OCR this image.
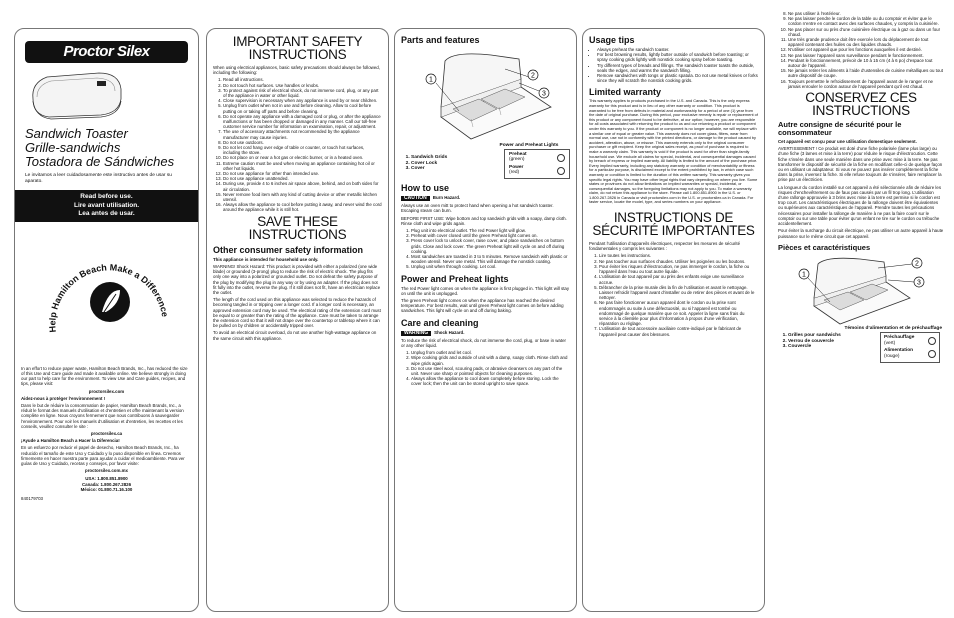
Proctor Silex
Sandwich Toaster
Grille-sandwichs
Tostadora de Sándwiches
Le invitamos a leer cuidadosamente este instructivo antes de usar su aparato.
Read before use.
Lire avant utilisation.
Lea antes de usar.
Help Hamilton Beach Make a Difference

In an effort to reduce paper waste, Hamilton Beach Brands, Inc., has reduced the size of this Use and Care guide and made it available online. We believe strongly in doing our part to help care for the environment. To view Use and Care guides, recipes, and tips, please visit:

proctorsilex.com

Aidez-nous à protéger l’environnement !

Dans le but de réduire la consommation de papier, Hamilton Beach Brands, Inc., a réduit le format des manuels d’utilisation et d’entretien et offre maintenant la version complète en ligne. Nous croyons fermement que nous contribuons à sauvegarder l’environnement. Pour voir les manuels d’utilisation et d’entretien, les recettes et les conseils, veuillez consulter le site :

proctorsilex.ca

¡Ayude a Hamilton Beach a Hacer la Diferencia!

En un esfuerzo por reducir el papel de desecho, Hamilton Beach Brands, Inc., ha reducido el tamaño de este Uso y Cuidado y lo puso disponible en línea. Creemos firmemente en hacer nuestra parte para ayudar a cuidar el medioambiente. Para ver guías de Uso y Cuidado, recetas y consejos, por favor visite:

proctorsilex.com.mx

USA: 1.800.851.8900
Canada: 1.800.267.2826
México: 01.800.71.16.100
840179703
IMPORTANT SAFETY INSTRUCTIONS

When using electrical appliances, basic safety precautions should always be followed, including the following:

1. Read all instructions.
2. Do not touch hot surfaces. Use handles or knobs.
3. To protect against risk of electrical shock, do not immerse cord, plug, or any part of the appliance in water or other liquid.
4. Close supervision is necessary when any appliance is used by or near children.
5. Unplug from outlet when not in use and before cleaning. Allow to cool before putting on or taking off parts and before cleaning.
6. Do not operate any appliance with a damaged cord or plug, or after the appliance malfunctions or has been dropped or damaged in any manner. Call our toll-free customer service number for information on examination, repair, or adjustment.
7. The use of accessory attachments not recommended by the appliance manufacturer may cause injuries.
8. Do not use outdoors.
9. Do not let cord hang over edge of table or counter, or touch hot surfaces, including the stove.
10. Do not place on or near a hot gas or electric burner, or in a heated oven.
11. Extreme caution must be used when moving an appliance containing hot oil or other hot liquids.
12. Do not use appliance for other than intended use.
13. Do not use appliance unattended.
14. During use, provide 4 to 6 inches air space above, behind, and on both sides for air circulation.
15. Never remove food item with any kind of cutting device or other metallic kitchen utensil.
16. Always allow the appliance to cool before putting it away, and never wind the cord around the appliance while it is still hot.
SAVE THESE INSTRUCTIONS
Other consumer safety information

This appliance is intended for household use only.

WARNING! Shock Hazard: This product is provided with either a polarized (one wide blade) or grounded (3-prong) plug to reduce the risk of electric shock. The plug fits only one way into a polarized or grounded outlet. Do not defeat the safety purpose of the plug by modifying the plug in any way or by using an adapter. If the plug does not fit fully into the outlet, reverse the plug. If it still does not fit, have an electrician replace the outlet.

The length of the cord used on this appliance was selected to reduce the hazards of becoming tangled in or tripping over a longer cord. If a longer cord is necessary, an approved extension cord may be used. The electrical rating of the extension cord must be equal to or greater than the rating of the appliance. Care must be taken to arrange the extension cord so that it will not drape over the countertop or tabletop where it can be pulled on by children or accidentally tripped over.

To avoid an electrical circuit overload, do not use another high-wattage appliance on the same circuit with this appliance.

Parts and features
1
2
3
1. Sandwich Grids
2. Cover Lock
3. Cover
Power and Preheat Lights
Preheat
(green)
Power
(red)
How to use

CAUTION Burn Hazard.

Always use an oven mitt to protect hand when opening a hot sandwich toaster. Escaping steam can burn.

BEFORE FIRST USE: Wipe bottom and top sandwich grids with a soapy, damp cloth. Rinse cloth and wipe grids again.

1. Plug unit into electrical outlet. The red Power light will glow.
2. Preheat with cover closed until the green Preheat light comes on.
3. Press cover lock to unlock cover, raise cover, and place sandwiches on bottom grids. Close and lock cover. The green Preheat light will cycle on and off during cooking.
4. Most sandwiches are toasted in 3 to 5 minutes. Remove sandwich with plastic or wooden utensil. Never use metal. This will damage the nonstick coating.
5. Unplug unit when through cooking. Let cool.
Power and Preheat lights

The red Power light comes on when the appliance is first plugged in. This light will stay on until the unit is unplugged.

The green Preheat light comes on when the appliance has reached the desired temperature. For best results, wait until green Preheat light comes on before adding sandwiches. This light will cycle on and off during baking.

Care and cleaning

WARNING Shock Hazard.

To reduce the risk of electrical shock, do not immerse the cord, plug, or base in water or any other liquid.

1. Unplug from outlet and let cool.
2. Wipe cooking grids and outside of unit with a damp, soapy cloth. Rinse cloth and wipe grids again.
3. Do not use steel wool, scouring pads, or abrasive cleansers on any part of the unit. Never use sharp or pointed objects for cleaning purposes.
4. Always allow the appliance to cool down completely before storing. Lock the cover lock; then the unit can be stored upright to save space.
Usage tips
• Always preheat the sandwich toaster.
• For best browning results, lightly butter outside of sandwich before toasting; or spray cooking grids lightly with nonstick cooking spray before toasting.
• Try different types of breads and fillings. The sandwich toaster toasts the outside, seals the edges, and warms the sandwich filling.
• Remove sandwiches with tongs or plastic spatula. Do not use metal knives or forks since they will scratch the nonstick cooking grids.
Limited warranty
This warranty applies to products purchased in the U.S. and Canada. This is the only express warranty for this product and is in lieu of any other warranty or condition. This product is warranted to be free from defects in material and workmanship for a period of one (1) year from the date of original purchase. During this period, your exclusive remedy is repair or replacement of this product or any component found to be defective, at our option; however, you are responsible for all costs associated with returning the product to us and our returning a product or component under this warranty to you. If the product or component is no longer available, we will replace with a similar one of equal or greater value. This warranty does not cover glass, filters, wear from normal use, use not in conformity with the printed directions, or damage to the product caused by accident, alteration, abuse, or misuse. This warranty extends only to the original consumer purchaser or gift recipient. Keep the original sales receipt, as proof of purchase is required to make a warranty claim. This warranty is void if the product is used for other than single-family household use. We exclude all claims for special, incidental, and consequential damages caused by breach of express or implied warranty. All liability is limited to the amount of the purchase price. Every implied warranty, including any statutory warranty or condition of merchantability or fitness for a particular purpose, is disclaimed except to the extent prohibited by law, in which case such warranty or condition is limited to the duration of this written warranty. This warranty gives you specific legal rights. You may have other legal rights that vary depending on where you live. Some states or provinces do not allow limitations on implied warranties or special, incidental, or consequential damages, so the foregoing limitations may not apply to you. To make a warranty claim, do not return this appliance to the store. Please call 1.800.851.8900 in the U.S. or 1.800.267.2826 in Canada or visit proctorsilex.com in the U.S. or proctorsilex.ca in Canada. For faster service, locate the model, type, and series numbers on your appliance.
INSTRUCTIONS DE SÉCURITÉ IMPORTANTES

Pendant l’utilisation d’appareils électriques, respecter les mesures de sécurité fondamentales y compris les suivantes :

1. Lire toutes les instructions.
2. Ne pas toucher aux surfaces chaudes. Utiliser les poignées ou les boutons.
3. Pour éviter les risques d’électrocution, ne pas immerger le cordon, la fiche ou l’appareil dans l’eau ou tout autre liquide.
4. L’utilisation de tout appareil par ou près des enfants exige une surveillance accrue.
5. Débrancher de la prise murale dès la fin de l’utilisation et avant le nettoyage. Laisser refroidir l’appareil avant d’installer ou de retirer des pièces et avant de le nettoyer.
6. Ne pas faire fonctionner aucun appareil dont le cordon ou la prise sont endommagés ou suite à une défectuosité, ou si l’appareil est tombé ou endommagé de quelque manière que ce soit. Appeler la ligne sans frais du service à la clientèle pour plus d’information à propos d’une vérification, réparation ou réglage.
7. L’utilisation de tout accessoire auxiliaire contre-indiqué par le fabricant de l’appareil peut causer des blessures.
8. Ne pas utiliser à l’extérieur.
9. Ne pas laisser pendre le cordon de la table ou du comptoir et éviter que le cordon n’entre en contact avec des surfaces chaudes, y compris la cuisinière.
10. Ne pas placer sur ou près d’une cuisinière électrique ou à gaz ou dans un four chaud.
11. Une très grande prudence doit être exercée lors du déplacement de tout appareil contenant des huiles ou des liquides chauds.
12. N’utiliser cet appareil que pour les fonctions auxquelles il est destiné.
13. Ne pas laisser l’appareil sans surveillance pendant le fonctionnement.
14. Pendant le fonctionnement, prévoir de 10 à 15 cm (4 à 6 po) d’espace tout autour de l’appareil.
15. Ne jamais retirer les aliments à l’aide d’ustensiles de cuisine métalliques ou tout autre dispositif de coupe.
16. Toujours permettre le refroidissement de l’appareil avant de le ranger et ne jamais enrouler le cordon autour de l’appareil pendant qu’il est chaud.
CONSERVEZ CES INSTRUCTIONS
Autre consigne de sécurité pour le consommateur

Cet appareil est conçu pour une utilisation domestique seulement.

AVERTISSEMENT ! Ce produit est doté d’une fiche polarisée (lame plus large) ou d’une fiche (3 lames et mise à la terre) pour réduire le risque d’électrocution. Cette fiche s’insère dans une seule manière dans une prise avec mise à la terre. Ne pas transformer le dispositif de sécurité de la fiche en modifiant celle-ci de quelque façon ou en utilisant un adaptateur. Si vous ne pouvez pas insérer complètement la fiche dans la prise, inversez la fiche. Si elle refuse toujours de s’insérer, faire remplacer la prise par un électricien.

La longueur du cordon installé sur cet appareil a été sélectionnée afin de réduire les risques d’enchevêtrement ou de faux pas causés par un fil trop long. L’utilisation d’une rallonge approuvée à 3 brins avec mise à la terre est permise si le cordon est trop court. Les caractéristiques électriques de la rallonge doivent être équivalentes ou supérieures aux caractéristiques de l’appareil. Prendre toutes les précautions nécessaires pour installer la rallonge de manière à ne pas la faire courir sur le comptoir ou sur une table pour éviter qu’un enfant ne tire sur le cordon ou trébuche accidentellement.

Pour éviter la surcharge du circuit électrique, ne pas utiliser un autre appareil à haute puissance sur le même circuit que cet appareil.

Pièces et caractéristiques
1
2
3
Témoins d’alimentation et de préchauffage
1. Grilles pour sandwichs
2. Verrou de couvercle
3. Couvercle
Préchauffage
(vert)
Alimentation
(rouge)
